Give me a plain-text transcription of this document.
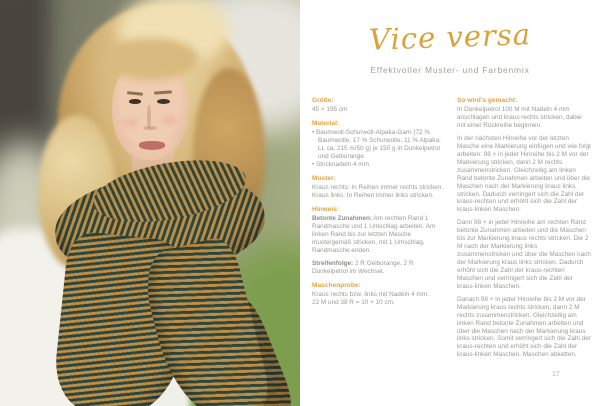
Vice versa
Effektvoller Muster- und Farbenmix
Größe:
45 × 195 cm
Material:
• Baumwoll-Schurwoll-Alpaka-Garn (72 % Baumwolle, 17 % Schurwolle, 11 % Alpaka; LL ca. 215 m/50 g) je 150 g in Dunkelpetrol und Gelborange
• Stricknadeln 4 mm
Muster:
Kraus rechts: In Reihen immer rechts stricken.
Kraus links: In Reihen immer links stricken.
Hinweis:

Betonte Zunahmen: Am rechten Rand 1 Randmasche und 1 Umschlag arbeiten. Am linken Rand bis zur letzten Masche mustergemäß stricken, mit 1 Umschlag, Randmasche enden.

Streifenfolge: 2 R Gelborange, 2 R Dunkelpetrol im Wechsel.

Maschenprobe:
Kraus rechts bzw. links mit Nadeln 4 mm:
22 M und 38 R = 10 × 10 cm.
So wird's gemacht:

In Dunkelpetrol 100 M mit Nadeln 4 mm anschlagen und kraus rechts stricken, dabei mit einer Rückreihe beginnen.

In der nächsten Hinreihe vor der letzten Masche eine Markierung einfügen und wie folgt arbeiten: 98 × in jeder Hinreihe bis 2 M vor der Markierung stricken, dann 2 M rechts zusammenstricken. Gleichzeitig am linken Rand betonte Zunahmen arbeiten und über die Maschen nach der Markierung kraus links stricken. Dadurch verringert sich die Zahl der kraus-rechten und erhöht sich die Zahl der kraus-linken Maschen.

Dann 98 × in jeder Hinreihe am rechten Rand betonte Zunahmen arbeiten und die Maschen bis zur Markierung kraus rechts stricken. Die 2 M nach der Markierung links zusammenstricken und über die Maschen nach der Markierung kraus links stricken. Dadurch erhöht sich die Zahl der kraus-rechten Maschen und verringert sich die Zahl der kraus-linken Maschen.

Danach 98 × in jeder Hinreihe bis 2 M vor der Markierung kraus rechts stricken, dann 2 M rechts zusammenstricken. Gleichzeitig am linken Rand betonte Zunahmen arbeiten und über die Maschen nach der Markierung kraus links stricken. Somit verringert sich die Zahl der kraus-rechten und erhöht sich die Zahl der kraus-linken Maschen. Maschen abketten.

17
